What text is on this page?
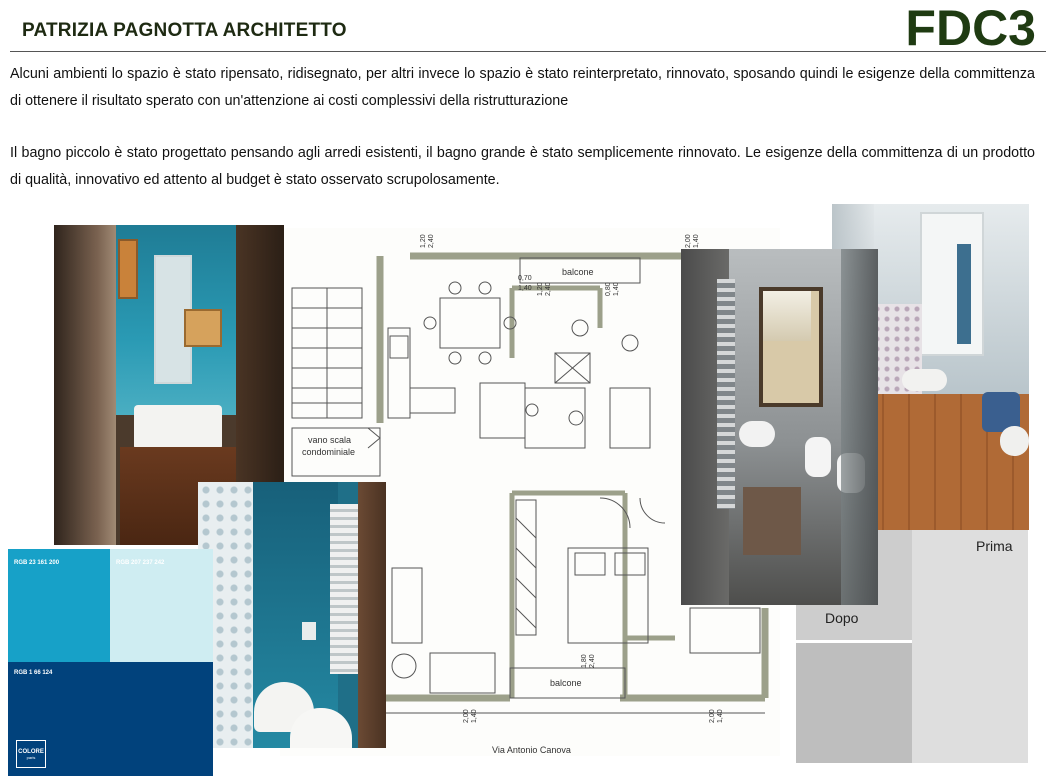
PATRIZIA PAGNOTTA ARCHITETTO	FDC3
Alcuni ambienti lo spazio è stato ripensato, ridisegnato, per altri invece lo spazio è stato reinterpretato, rinnovato, sposando quindi le esigenze della committenza di ottenere il risultato sperato con un'attenzione ai costi complessivi della ristrutturazione
Il bagno piccolo è stato progettato pensando agli arredi esistenti, il bagno grande è stato semplicemente rinnovato. Le esigenze della committenza di un prodotto di qualità, innovativo ed attento al budget è stato osservato scrupolosamente.
1,20 2,40
0,70
1,40 1,20 2,40	0,80 1,40
1,80 2,40
2,00 1,40	2,00 1,40
2,00 1,40
balcone
balcone
vano scala
condominiale
Via Antonio Canova
RGB 23 161 200	RGB 207 237 242
RGB 1 66 124
COLORE
paris
Dopo
Prima
